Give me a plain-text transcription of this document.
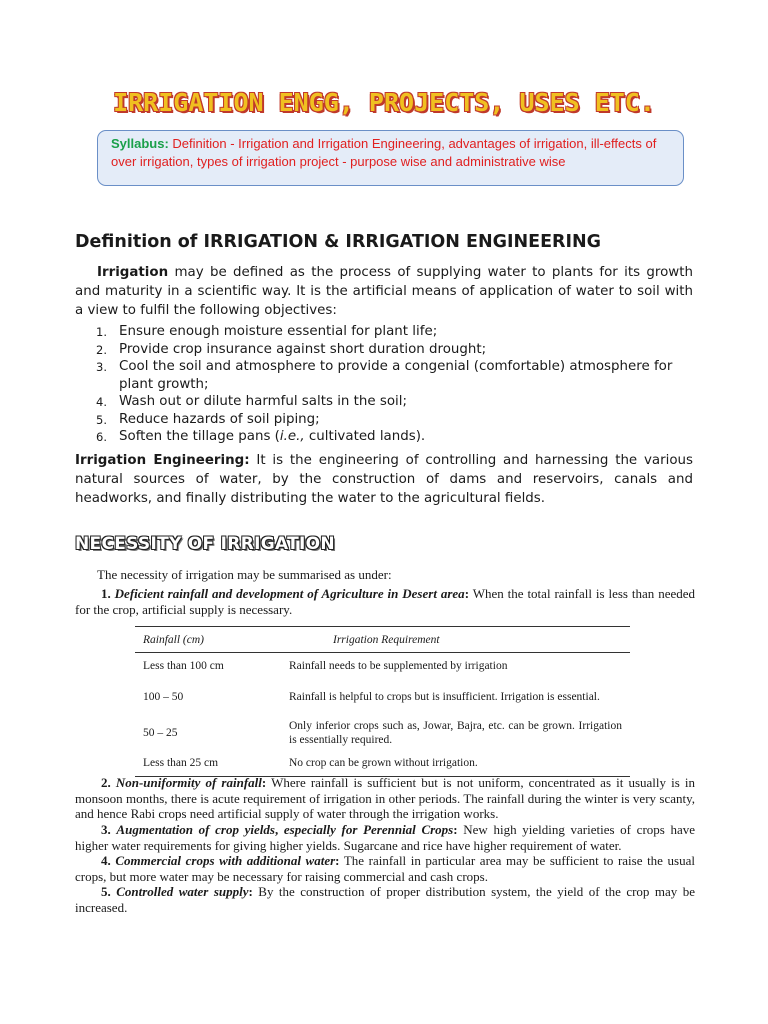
IRRIGATION ENGG, PROJECTS, USES ETC.
Syllabus: Definition - Irrigation and Irrigation Engineering, advantages of irrigation, ill-effects of over irrigation, types of irrigation project - purpose wise and administrative wise
Definition of IRRIGATION & IRRIGATION ENGINEERING
Irrigation may be defined as the process of supplying water to plants for its growth and maturity in a scientific way. It is the artificial means of application of water to soil with a view to fulfil the following objectives:
1. Ensure enough moisture essential for plant life;
2. Provide crop insurance against short duration drought;
3. Cool the soil and atmosphere to provide a congenial (comfortable) atmosphere for plant growth;
4. Wash out or dilute harmful salts in the soil;
5. Reduce hazards of soil piping;
6. Soften the tillage pans (i.e., cultivated lands).
Irrigation Engineering: It is the engineering of controlling and harnessing the various natural sources of water, by the construction of dams and reservoirs, canals and headworks, and finally distributing the water to the agricultural fields.
NECESSITY OF IRRIGATION
The necessity of irrigation may be summarised as under:
1. Deficient rainfall and development of Agriculture in Desert area: When the total rainfall is less than needed for the crop, artificial supply is necessary.
Rainfall (cm)	Irrigation Requirement
Less than 100 cm	Rainfall needs to be supplemented by irrigation
100 – 50	Rainfall is helpful to crops but is insufficient. Irrigation is essential.
50 – 25	Only inferior crops such as, Jowar, Bajra, etc. can be grown. Irrigation is essentially required.
Less than 25 cm	No crop can be grown without irrigation.
2. Non-uniformity of rainfall: Where rainfall is sufficient but is not uniform, concentrated as it usually is in monsoon months, there is acute requirement of irrigation in other periods. The rainfall during the winter is very scanty, and hence Rabi crops need artificial supply of water through the irrigation works.
3. Augmentation of crop yields, especially for Perennial Crops: New high yielding varieties of crops have higher water requirements for giving higher yields. Sugarcane and rice have higher requirement of water.
4. Commercial crops with additional water: The rainfall in particular area may be sufficient to raise the usual crops, but more water may be necessary for raising commercial and cash crops.
5. Controlled water supply: By the construction of proper distribution system, the yield of the crop may be increased.
